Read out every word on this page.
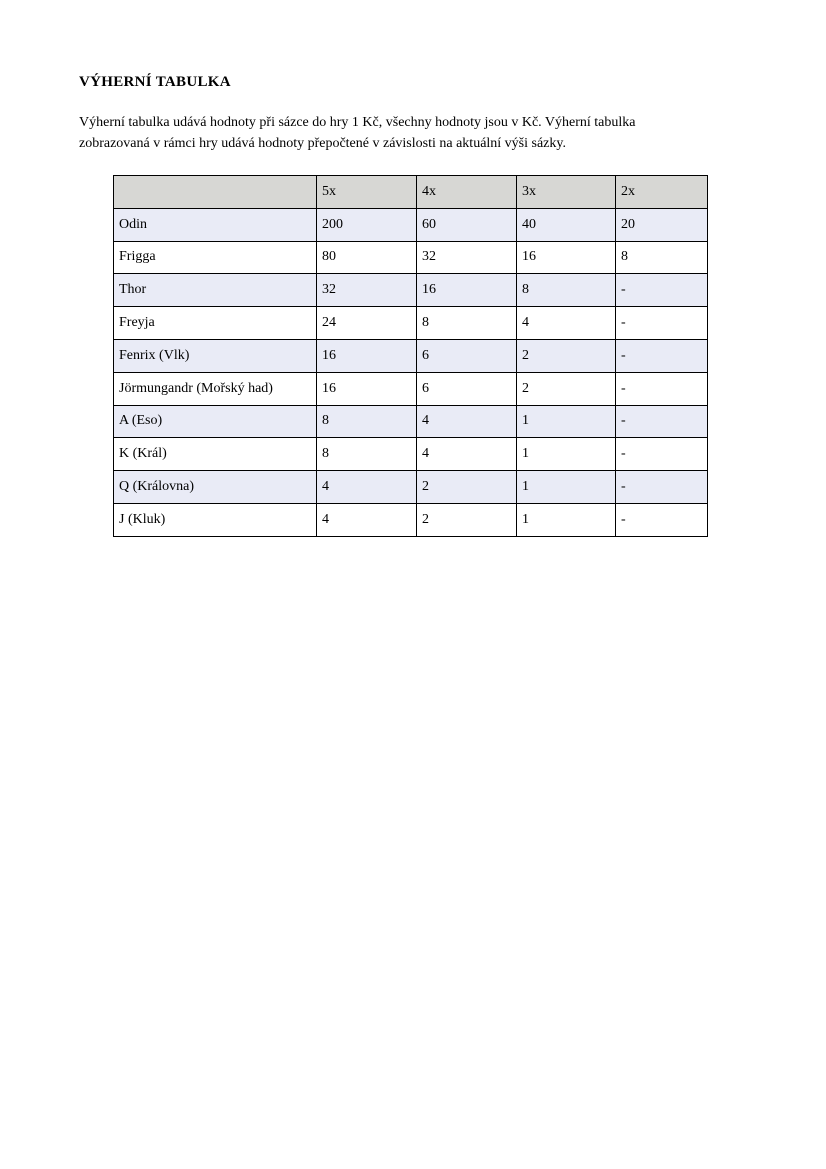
VÝHERNÍ TABULKA

Výherní tabulka udává hodnoty při sázce do hry 1 Kč, všechny hodnoty jsou v Kč. Výherní tabulka
zobrazovaná v rámci hry udává hodnoty přepočtené v závislosti na aktuální výši sázky.

	5x	4x	3x	2x
Odin	200	60	40	20
Frigga	80	32	16	8
Thor	32	16	8	-
Freyja	24	8	4	-
Fenrix (Vlk)	16	6	2	-
Jörmungandr (Mořský had)	16	6	2	-
A (Eso)	8	4	1	-
K (Král)	8	4	1	-
Q (Královna)	4	2	1	-
J (Kluk)	4	2	1	-
